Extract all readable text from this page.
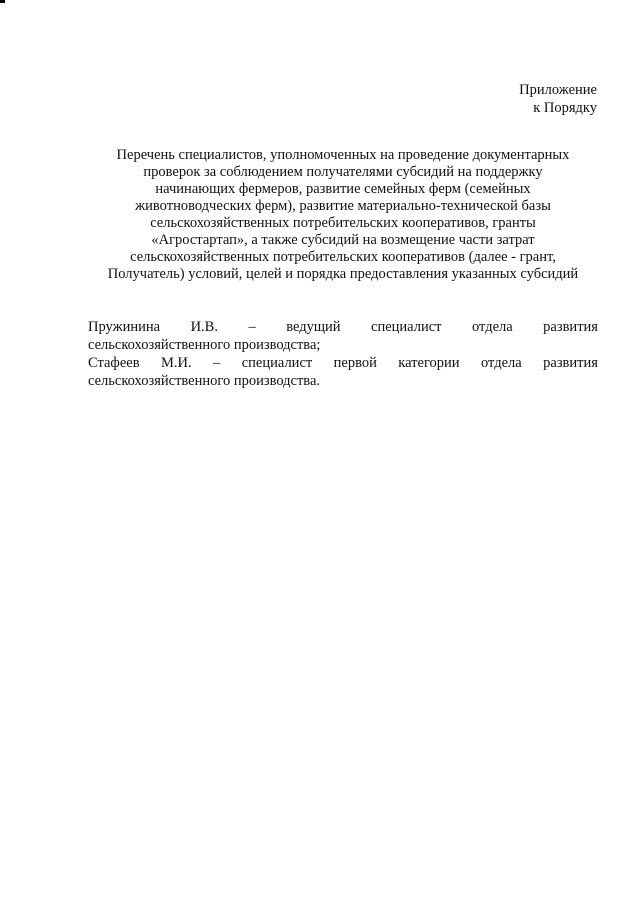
Приложение
к Порядку
Перечень специалистов, уполномоченных на проведение документарных
проверок за соблюдением получателями субсидий на поддержку
начинающих фермеров, развитие семейных ферм (семейных
животноводческих ферм), развитие материально-технической базы
сельскохозяйственных потребительских кооперативов, гранты
«Агростартап», а также субсидий на возмещение части затрат
сельскохозяйственных потребительских кооперативов (далее - грант,
Получатель) условий, целей и порядка предоставления указанных субсидий
Пружинина И.В. – ведущий специалист отдела развития
сельскохозяйственного производства;
Стафеев М.И. – специалист первой категории отдела развития
сельскохозяйственного производства.
